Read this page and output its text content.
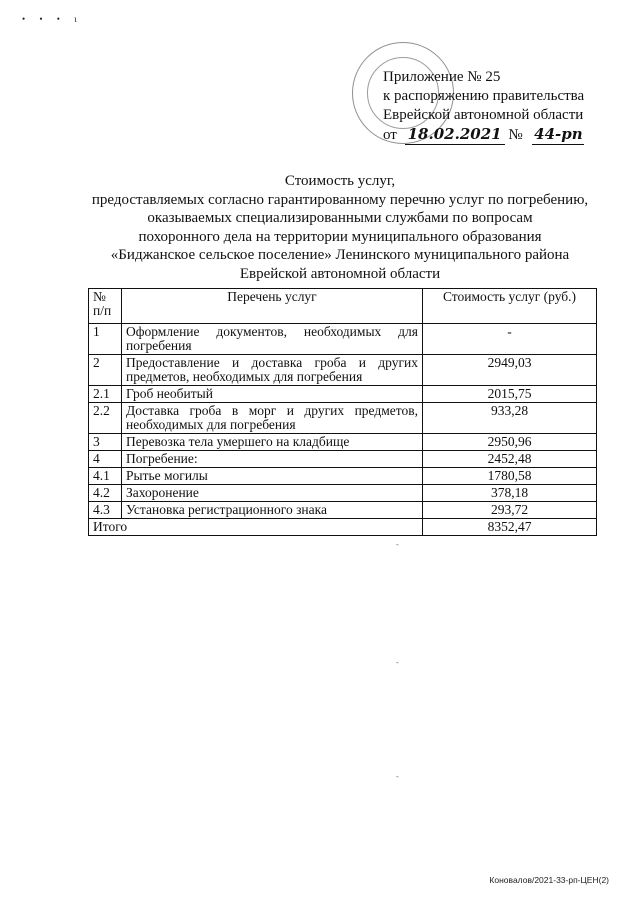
• • • ι
Приложение № 25
к распоряжению правительства
Еврейской автономной области
от 18.02.2021 № 44-рп
Стоимость услуг,
предоставляемых согласно гарантированному перечню услуг по погребению,
оказываемых специализированными службами по вопросам
похоронного дела на территории муниципального образования
«Биджанское сельское поселение» Ленинского муниципального района
Еврейской автономной области
№ п/п	Перечень услуг	Стоимость услуг (руб.)
1	Оформление документов, необходимых для погребения	-
2	Предоставление и доставка гроба и других предметов, необходимых для погребения	2949,03
2.1	Гроб необитый	2015,75
2.2	Доставка гроба в морг и других предметов, необходимых для погребения	933,28
3	Перевозка тела умершего на кладбище	2950,96
4	Погребение:	2452,48
4.1	Рытье могилы	1780,58
4.2	Захоронение	378,18
4.3	Установка регистрационного знака	293,72
Итого		8352,47
‐
‐
‐
Коновалов/2021-33-рп-ЦЕН(2)
